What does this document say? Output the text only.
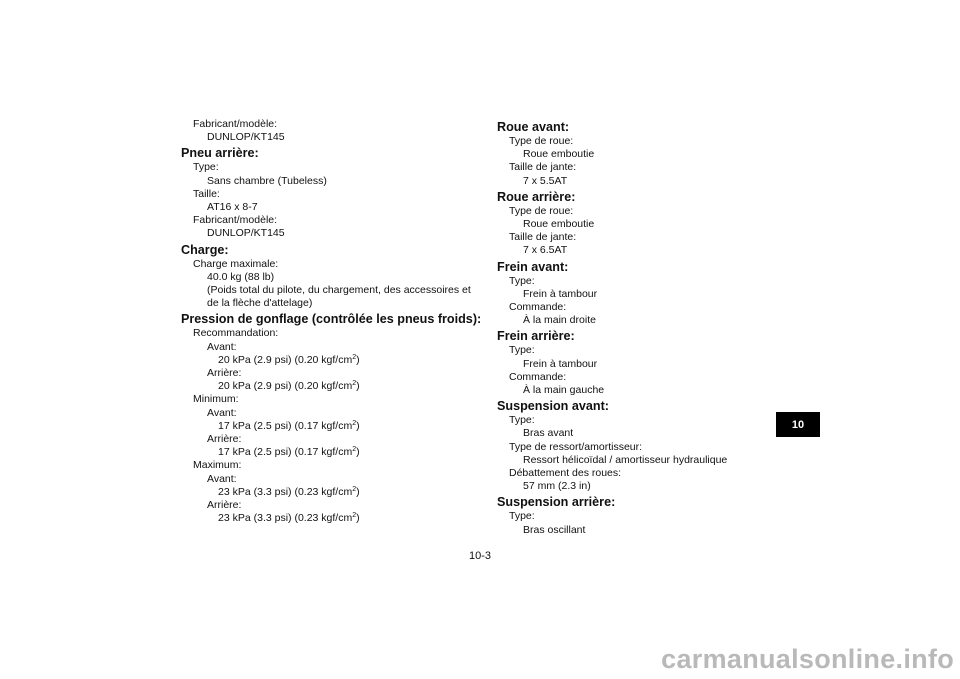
Fabricant/modèle:
DUNLOP/KT145
Pneu arrière:
Type:
Sans chambre (Tubeless)
Taille:
AT16 x 8-7
Fabricant/modèle:
DUNLOP/KT145
Charge:
Charge maximale:
40.0 kg (88 lb)
(Poids total du pilote, du chargement, des accessoires et
de la flèche d'attelage)
Pression de gonflage (contrôlée les pneus froids):
Recommandation:
Avant:
20 kPa (2.9 psi) (0.20 kgf/$cm^2$)
Arrière:
20 kPa (2.9 psi) (0.20 kgf/$cm^2$)
Minimum:
Avant:
17 kPa (2.5 psi) (0.17 kgf/$cm^2$)
Arrière:
17 kPa (2.5 psi) (0.17 kgf/$cm^2$)
Maximum:
Avant:
23 kPa (3.3 psi) (0.23 kgf/$cm^2$)
Arrière:
23 kPa (3.3 psi) (0.23 kgf/$cm^2$)
Roue avant:
Type de roue:
Roue emboutie
Taille de jante:
7 x 5.5AT
Roue arrière:
Type de roue:
Roue emboutie
Taille de jante:
7 x 6.5AT
Frein avant:
Type:
Frein à tambour
Commande:
À la main droite
Frein arrière:
Type:
Frein à tambour
Commande:
À la main gauche
Suspension avant:
Type:
Bras avant
Type de ressort/amortisseur:
Ressort hélicoïdal / amortisseur hydraulique
Débattement des roues:
57 mm (2.3 in)
Suspension arrière:
Type:
Bras oscillant
10
10-3
carmanualsonline.info
